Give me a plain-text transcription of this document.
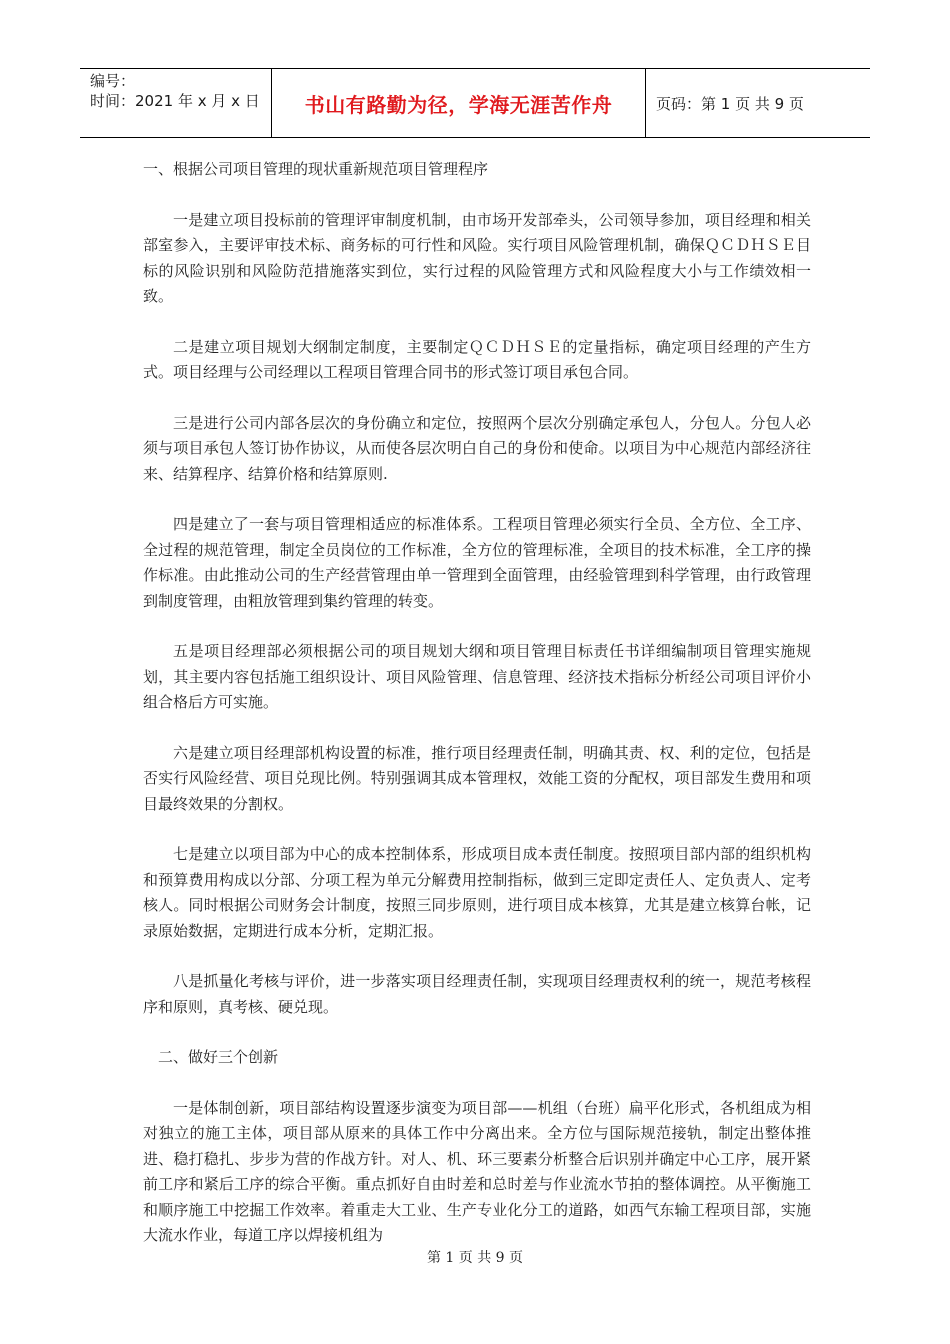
编号：
时间：2021 年 x 月 x 日	书山有路勤为径，学海无涯苦作舟	页码：第 1 页 共 9 页

一、根据公司项目管理的现状重新规范项目管理程序

一是建立项目投标前的管理评审制度机制，由市场开发部牵头，公司领导参加，项目经理和相关部室参入，主要评审技术标、商务标的可行性和风险。实行项目风险管理机制，确保ＱＣＤＨＳＥ目标的风险识别和风险防范措施落实到位，实行过程的风险管理方式和风险程度大小与工作绩效相一致。

二是建立项目规划大纲制定制度，主要制定ＱＣＤＨＳＥ的定量指标，确定项目经理的产生方式。项目经理与公司经理以工程项目管理合同书的形式签订项目承包合同。

三是进行公司内部各层次的身份确立和定位，按照两个层次分别确定承包人，分包人。分包人必须与项目承包人签订协作协议，从而使各层次明白自己的身份和使命。以项目为中心规范内部经济往来、结算程序、结算价格和结算原则.

四是建立了一套与项目管理相适应的标准体系。工程项目管理必须实行全员、全方位、全工序、全过程的规范管理，制定全员岗位的工作标准，全方位的管理标准，全项目的技术标准，全工序的操作标准。由此推动公司的生产经营管理由单一管理到全面管理，由经验管理到科学管理，由行政管理到制度管理，由粗放管理到集约管理的转变。

五是项目经理部必须根据公司的项目规划大纲和项目管理目标责任书详细编制项目管理实施规划，其主要内容包括施工组织设计、项目风险管理、信息管理、经济技术指标分析经公司项目评价小组合格后方可实施。

六是建立项目经理部机构设置的标准，推行项目经理责任制，明确其责、权、利的定位，包括是否实行风险经营、项目兑现比例。特别强调其成本管理权，效能工资的分配权，项目部发生费用和项目最终效果的分割权。

七是建立以项目部为中心的成本控制体系，形成项目成本责任制度。按照项目部内部的组织机构和预算费用构成以分部、分项工程为单元分解费用控制指标，做到三定即定责任人、定负责人、定考核人。同时根据公司财务会计制度，按照三同步原则，进行项目成本核算，尤其是建立核算台帐，记录原始数据，定期进行成本分析，定期汇报。

八是抓量化考核与评价，进一步落实项目经理责任制，实现项目经理责权利的统一，规范考核程序和原则，真考核、硬兑现。

二、做好三个创新

一是体制创新，项目部结构设置逐步演变为项目部——机组（台班）扁平化形式，各机组成为相对独立的施工主体，项目部从原来的具体工作中分离出来。全方位与国际规范接轨，制定出整体推进、稳打稳扎、步步为营的作战方针。对人、机、环三要素分析整合后识别并确定中心工序，展开紧前工序和紧后工序的综合平衡。重点抓好自由时差和总时差与作业流水节拍的整体调控。从平衡施工和顺序施工中挖掘工作效率。着重走大工业、生产专业化分工的道路，如西气东输工程项目部，实施大流水作业，每道工序以焊接机组为

第 1 页 共 9 页
